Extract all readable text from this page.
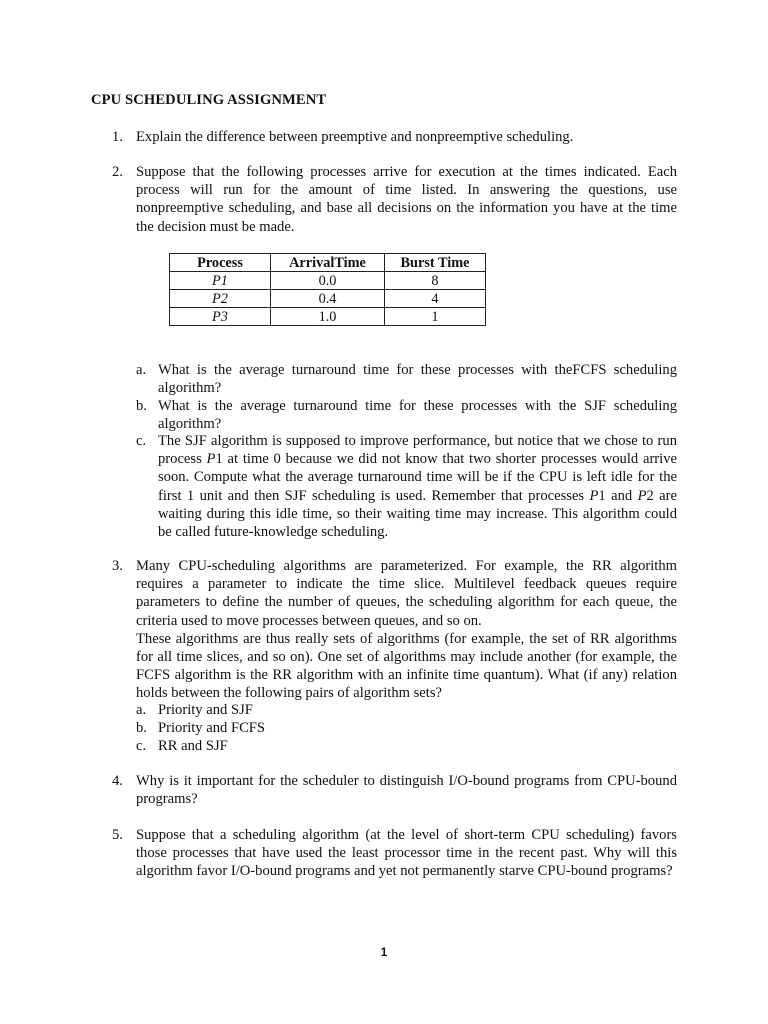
CPU SCHEDULING ASSIGNMENT
1. Explain the difference between preemptive and nonpreemptive scheduling.
2. Suppose that the following processes arrive for execution at the times indicated. Each process will run for the amount of time listed. In answering the questions, use nonpreemptive scheduling, and base all decisions on the information you have at the time the decision must be made.

Process	ArrivalTime	Burst Time
P1	0.0	8
P2	0.4	4
P3	1.0	1
a. What is the average turnaround time for these processes with theFCFS scheduling algorithm?
b. What is the average turnaround time for these processes with the SJF scheduling algorithm?
c. The SJF algorithm is supposed to improve performance, but notice that we chose to run process P1 at time 0 because we did not know that two shorter processes would arrive soon. Compute what the average turnaround time will be if the CPU is left idle for the first 1 unit and then SJF scheduling is used. Remember that processes P1 and P2 are waiting during this idle time, so their waiting time may increase. This algorithm could be called future-knowledge scheduling.
3. Many CPU-scheduling algorithms are parameterized. For example, the RR algorithm requires a parameter to indicate the time slice. Multilevel feedback queues require parameters to define the number of queues, the scheduling algorithm for each queue, the criteria used to move processes between queues, and so on.

These algorithms are thus really sets of algorithms (for example, the set of RR algorithms for all time slices, and so on). One set of algorithms may include another (for example, the FCFS algorithm is the RR algorithm with an infinite time quantum). What (if any) relation holds between the following pairs of algorithm sets?

a. Priority and SJF
b. Priority and FCFS
c. RR and SJF
4. Why is it important for the scheduler to distinguish I/O-bound programs from CPU-bound programs?

5. Suppose that a scheduling algorithm (at the level of short-term CPU scheduling) favors those processes that have used the least processor time in the recent past. Why will this algorithm favor I/O-bound programs and yet not permanently starve CPU-bound programs?

1
